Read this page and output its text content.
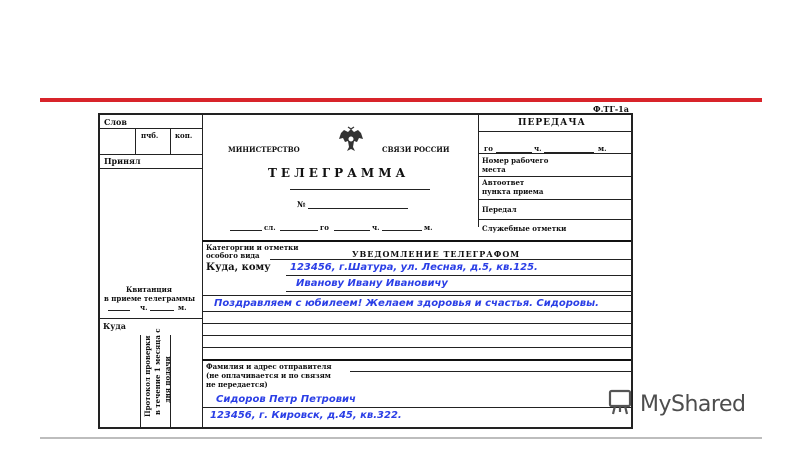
Ф.ТГ-1а
Слов
пчб. коп.
Принял
Квитанция
в приеме телеграммы
ч.	м.
Куда
Протокол проверки в течение 1 месяца с дня подачи
МИНИСТЕРСТВО	СВЯЗИ РОССИИ
ТЕЛЕГРАММА
№
сл.	го	ч.	м.
ПЕРЕДАЧА
го	ч.	м.
Номер рабочего
места
Автоответ
пункта приема
Передал
Служебные отметки
Категоргии и отметки
особого вида	УВЕДОМЛЕНИЕ ТЕЛЕГРАФОМ
Куда, кому 123456, г.Шатура, ул. Лесная, д.5, кв.125.
Иванову Ивану Ивановичу
Поздравляем с юбилеем! Желаем здоровья и счастья. Сидоровы.
Фамилия и адрес отправителя
(не оплачивается и по связям
не передается)
Сидоров Петр Петрович
123456, г. Кировск, д.45, кв.322.	MyShared
